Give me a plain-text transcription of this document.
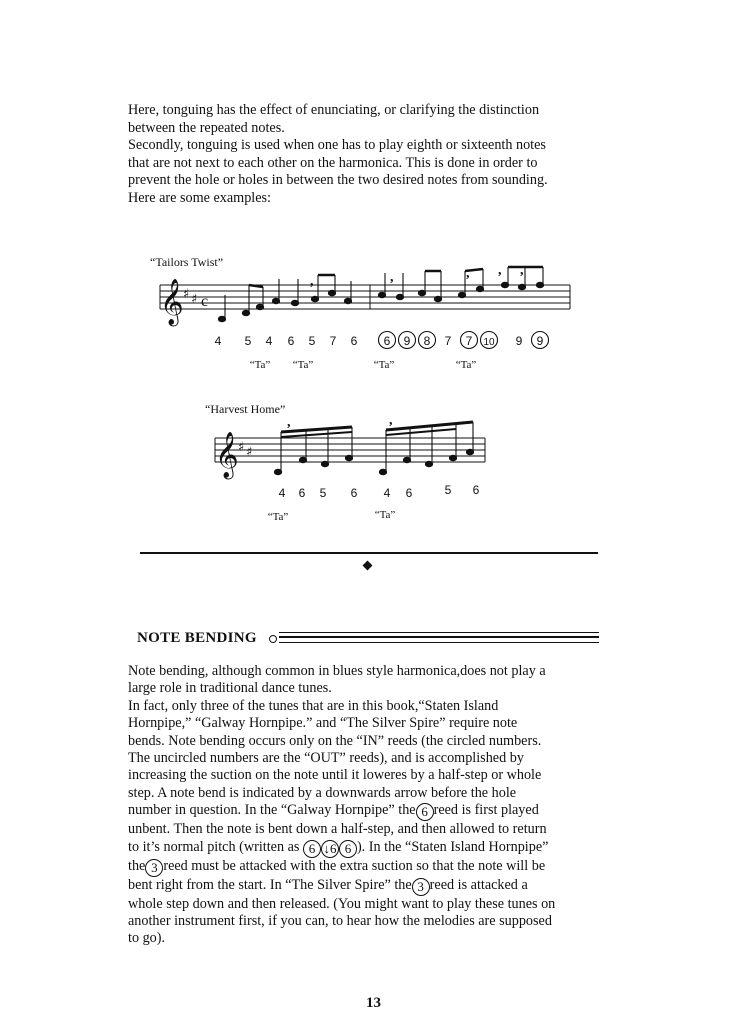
Here, tonguing has the effect of enunciating, or clarifying the distinction

between the repeated notes.

Secondly, tonguing is used when one has to play eighth or sixteenth notes

that are not next to each other on the harmonica. This is done in order to

prevent the hole or holes in between the two desired notes from sounding.

Here are some examples:

“Tailors Twist”
𝄞 ♯ ♯ c
,	,	, , ,
4 5 4 6 5 7 6 6 9 8 7 7 10 9 9
“Ta” “Ta”	“Ta”	“Ta”
“Harvest Home”
𝄞 ♯ ♯
,	,
4 6 5 6 4 6	5 6
“Ta”	“Ta”
NOTE BENDING

Note bending, although common in blues style harmonica,does not play a

large role in traditional dance tunes.

In fact, only three of the tunes that are in this book,“Staten Island

Hornpipe,” “Galway Hornpipe.” and “The Silver Spire” require note

bends. Note bending occurs only on the “IN” reeds (the circled numbers.

The uncircled numbers are the “OUT” reeds), and is accomplished by

increasing the suction on the note until it loweres by a half-step or whole

step. A note bend is indicated by a downwards arrow before the hole

number in question. In the “Galway Hornpipe” the 6 reed is first played

unbent. Then the note is bent down a half-step, and then allowed to return

to it’s normal pitch (written as 6 ↓6 6 ). In the “Staten Island Hornpipe”

the 3 reed must be attacked with the extra suction so that the note will be

bent right from the start. In “The Silver Spire” the 3 reed is attacked a

whole step down and then released. (You might want to play these tunes on

another instrument first, if you can, to hear how the melodies are supposed

to go).

13
